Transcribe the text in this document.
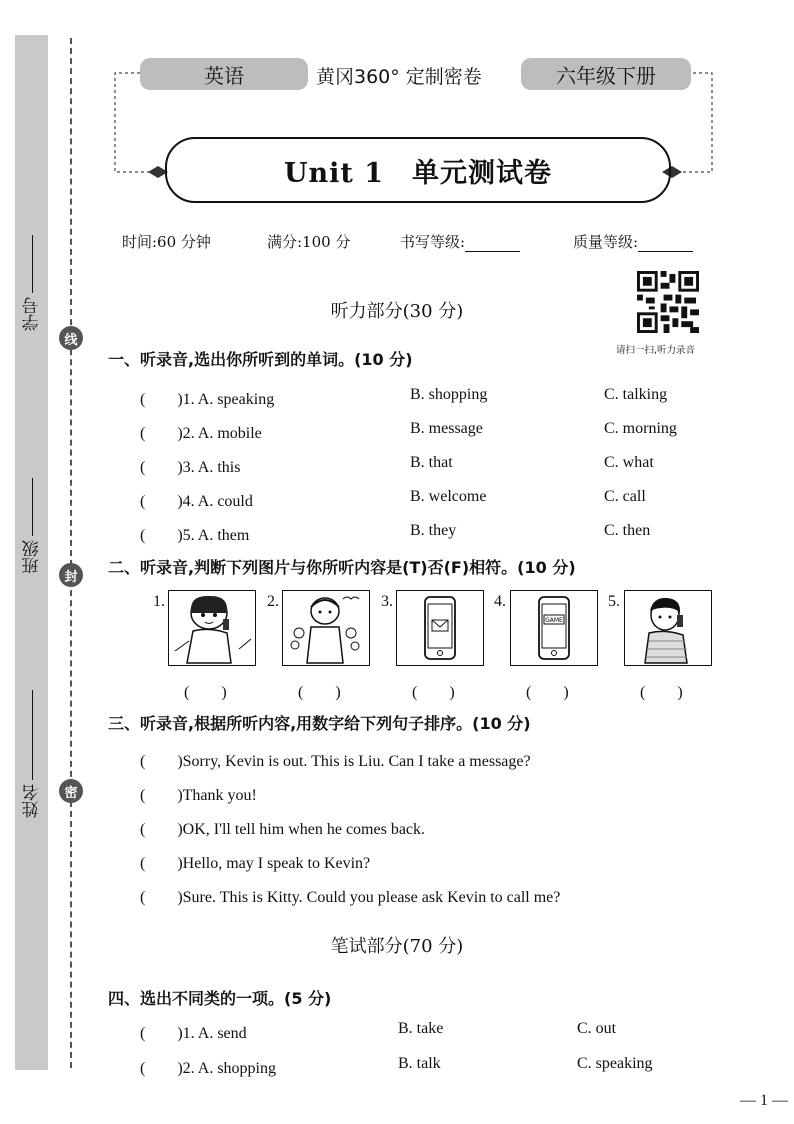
学号
班级
姓名
线
封
密
英语	黄冈360° 定制密卷	六年级下册
Unit 1　单元测试卷
时间:60 分钟	满分:100 分	书写等级:	质量等级:
请扫一扫,听力录音
听力部分(30 分)
一、听录音,选出你所听到的单词。(10 分)
(　　)1. A. speaking	B. shopping	C. talking
(　　)2. A. mobile	B. message	C. morning
(　　)3. A. this	B. that	C. what
(　　)4. A. could	B. welcome	C. call
(　　)5. A. them	B. they	C. then
二、听录音,判断下列图片与你所听内容是(T)否(F)相符。(10 分)
1.
(　　)
2.
(　　)
3.
(　　)
4.
GAME
(　　)
5.
(　　)
三、听录音,根据所听内容,用数字给下列句子排序。(10 分)
(　　)Sorry, Kevin is out. This is Liu. Can I take a message?
(　　)Thank you!
(　　)OK, I'll tell him when he comes back.
(　　)Hello, may I speak to Kevin?
(　　)Sure. This is Kitty. Could you please ask Kevin to call me?
笔试部分(70 分)
四、选出不同类的一项。(5 分)
(　　)1. A. send	B. take	C. out
(　　)2. A. shopping	B. talk	C. speaking
— 1 —
